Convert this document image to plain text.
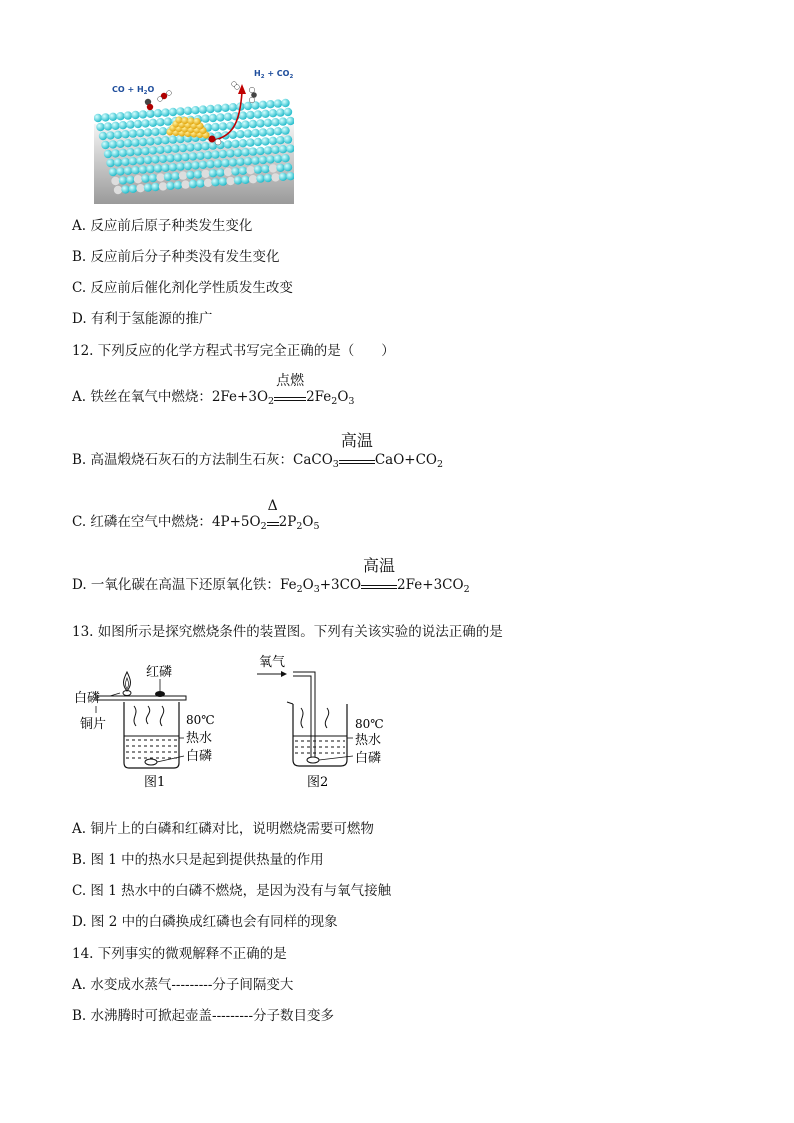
CO + $H_2O$
$H_2 + CO_2$
A. 反应前后原子种类发生变化
B. 反应前后分子种类没有发生变化
C. 反应前后催化剂化学性质发生改变
D. 有利于氢能源的推广
12. 下列反应的化学方程式书写完全正确的是（　　）
A. 铁丝在氧气中燃烧：$2Fe+3O_2$
点燃
$2Fe_2O_3$
B. 高温煅烧石灰石的方法制生石灰：CaCO$_3$
高温
$CaO+CO_2$
C. 红磷在空气中燃烧：$4P+5O_2$
Δ
$2P_2O_5$
D. 一氧化碳在高温下还原氧化铁：$Fe_2O_3+3CO$
高温
$2Fe+3CO_2$
13. 如图所示是探究燃烧条件的装置图。下列有关该实验的说法正确的是
红磷
白磷
铜片	80℃
热水
白磷
图1
氧气
80℃
热水
白磷
图2
A. 铜片上的白磷和红磷对比，说明燃烧需要可燃物
B. 图 1 中的热水只是起到提供热量的作用
C. 图 1 热水中的白磷不燃烧，是因为没有与氧气接触
D. 图 2 中的白磷换成红磷也会有同样的现象
14. 下列事实的微观解释不正确的是
A. 水变成水蒸气---------分子间隔变大
B. 水沸腾时可掀起壶盖---------分子数目变多
